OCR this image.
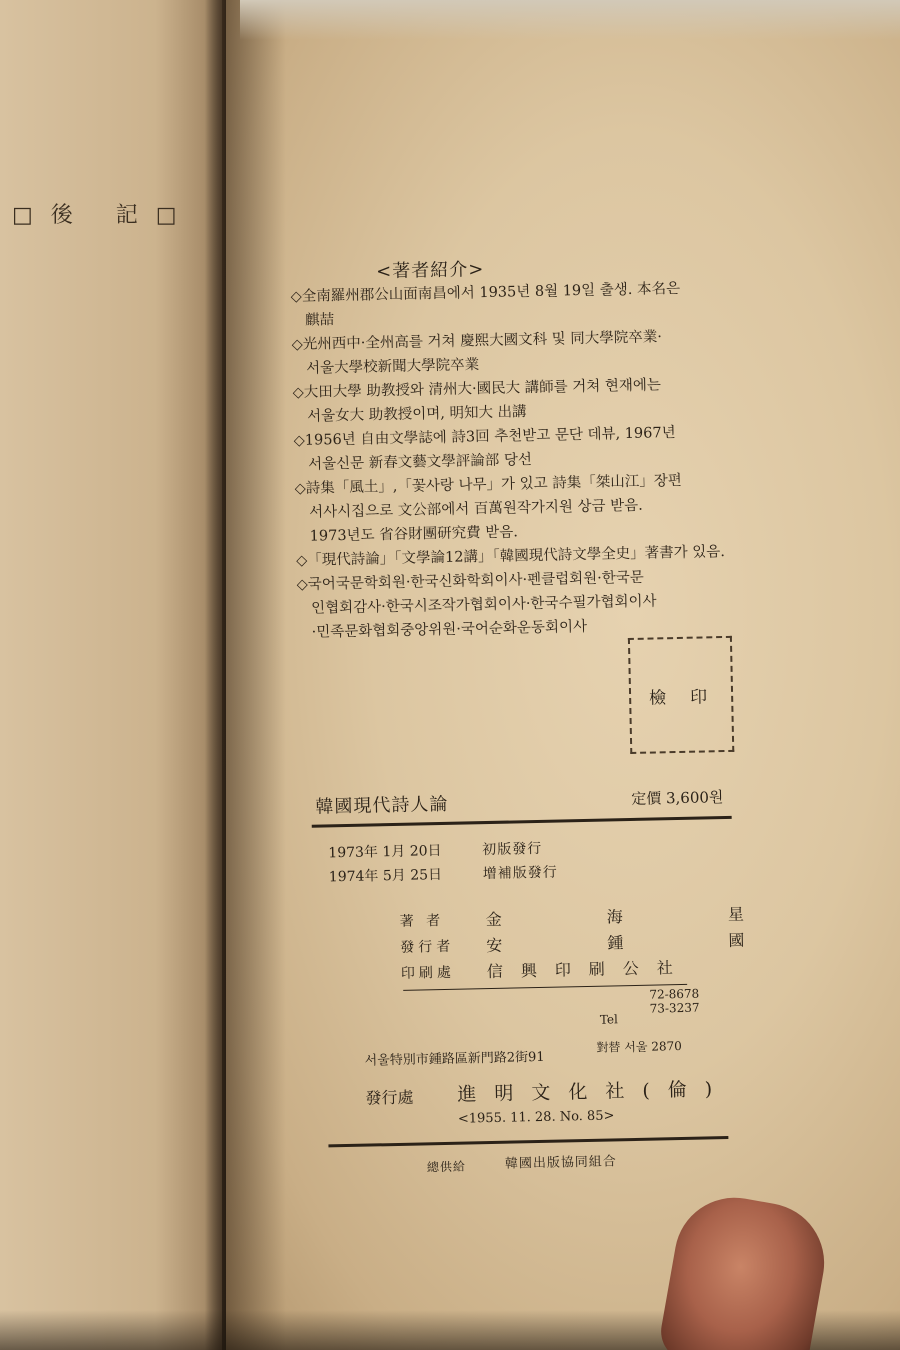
□後 記□
<著者紹介>
◇全南羅州郡公山面南昌에서 1935년 8월 19일 출생. 本名은
麒喆
◇光州西中·全州高를 거쳐 慶熙大國文科 및 同大學院卒業·
서울大學校新聞大學院卒業
◇大田大學 助教授와 清州大·國民大 講師를 거쳐 현재에는
서울女大 助教授이며, 明知大 出講
◇1956년 自由文學誌에 詩3回 추천받고 문단 데뷰, 1967년
서울신문 新春文藝文學評論部 당선
◇詩集「風土」,「꽃사랑 나무」가 있고 詩集「桀山江」장편
서사시집으로 文公部에서 百萬원작가지원 상금 받음.
1973년도 省谷財團研究費 받음.
◇「現代詩論」「文學論12講」「韓國現代詩文學全史」著書가 있음.
◇국어국문학회원·한국신화학회이사·펜클럽회원·한국문
인협회감사·한국시조작가협회이사·한국수필가협회이사
·민족문화협회중앙위원·국어순화운동회이사
檢印
韓國現代詩人論	定價 3,600원
1973年 1月 20日	初版發行
1974年 5月 25日	增補版發行
著 者	金 海 星
發行者 安 鍾 國
印刷處 信興印刷公社
Tel
72-8678
73-3237
對替 서울 2870
서울特別市鍾路區新門路2街91
發行處 進明文化社(倫)
<1955. 11. 28. No. 85>
總供給	韓國出版協同組合
